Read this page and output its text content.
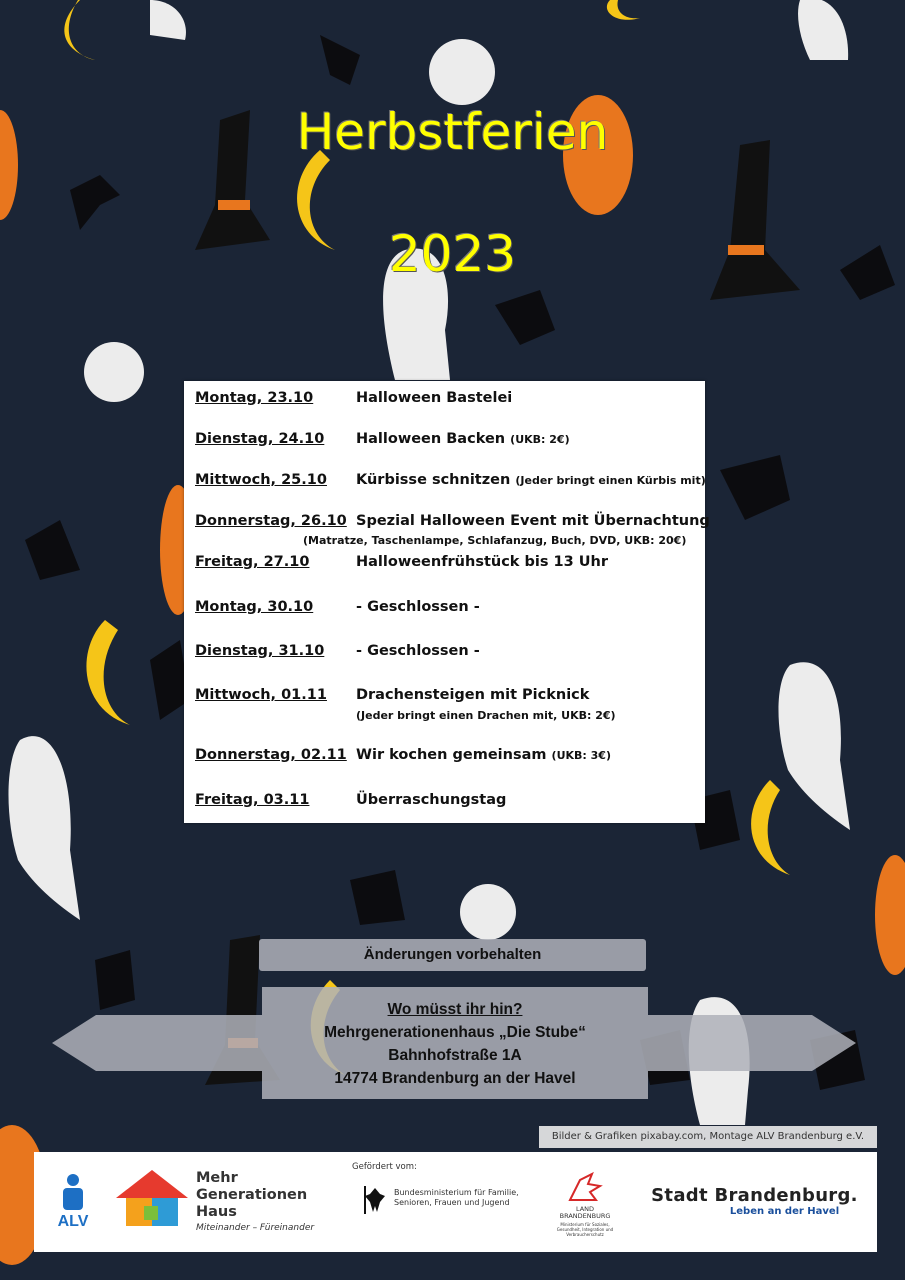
Herbstferien
2023
Montag, 23.10	Halloween Bastelei
Dienstag, 24.10 Halloween Backen (UKB: 2€)
Mittwoch, 25.10 Kürbisse schnitzen (Jeder bringt einen Kürbis mit)
Donnerstag, 26.10 Spezial Halloween Event mit Übernachtung
(Matratze, Taschenlampe, Schlafanzug, Buch, DVD, UKB: 20€)
Freitag, 27.10	Halloweenfrühstück bis 13 Uhr
Montag, 30.10	- Geschlossen -
Dienstag, 31.10 - Geschlossen -
Mittwoch, 01.11 Drachensteigen mit Picknick
(Jeder bringt einen Drachen mit, UKB: 2€)
Donnerstag, 02.11 Wir kochen gemeinsam (UKB: 3€)
Freitag, 03.11	Überraschungstag
Änderungen vorbehalten
Wo müsst ihr hin?
Mehrgenerationenhaus „Die Stube“
Bahnhofstraße 1A
14774 Brandenburg an der Havel
Bilder & Grafiken pixabay.com, Montage ALV Brandenburg e.V.
ALV
Mehr
Generationen
Haus
Miteinander – Füreinander
Gefördert vom:
Bundesministerium für Familie, Senioren, Frauen und Jugend
LAND BRANDENBURG
Ministerium für Soziales, Gesundheit, Integration und Verbraucherschutz
Stadt Brandenburg.
Leben an der Havel
